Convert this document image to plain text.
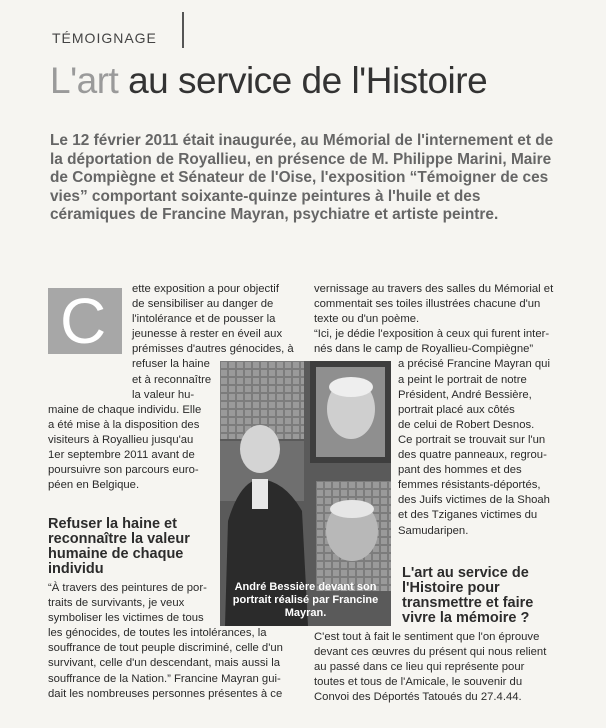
TÉMOIGNAGE
L'art au service de l'Histoire
Le 12 février 2011 était inaugurée, au Mémorial de l'internement et de la déportation de Royallieu, en présence de M. Philippe Marini, Maire de Compiègne et Sénateur de l'Oise, l'exposition “Témoigner de ces vies” comportant soixante-quinze peintures à l'huile et des céramiques de Francine Mayran, psychiatre et artiste peintre.
C ette exposition a pour objectif
de sensibiliser au danger de
l'intolérance et de pousser la
jeunesse à rester en éveil aux
prémisses d'autres génocides, à
refuser la haine
et à reconnaître
la valeur hu-
maine de chaque individu. Elle
a été mise à la disposition des
visiteurs à Royallieu jusqu'au
1er septembre 2011 avant de
poursuivre son parcours euro-
péen en Belgique.
Refuser la haine et reconnaître la valeur humaine de chaque individu
“À travers des peintures de por-
traits de survivants, je veux
symboliser les victimes de tous
les génocides, de toutes les intolérances, la
souffrance de tout peuple discriminé, celle d'un
survivant, celle d'un descendant, mais aussi la
souffrance de la Nation.” Francine Mayran gui-
dait les nombreuses personnes présentes à ce
vernissage au travers des salles du Mémorial et
commentait ses toiles illustrées chacune d'un
texte ou d'un poème.
“Ici, je dédie l'exposition à ceux qui furent inter-
nés dans le camp de Royallieu-Compiègne”
a précisé Francine Mayran qui
a peint le portrait de notre
Président, André Bessière,
portrait placé aux côtés
de celui de Robert Desnos.
Ce portrait se trouvait sur l'un
des quatre panneaux, regrou-
pant des hommes et des
femmes résistants-déportés,
des Juifs victimes de la Shoah
et des Tziganes victimes du
Samudaripen.
L'art au service de l'Histoire pour transmettre et faire vivre la mémoire ?
C'est tout à fait le sentiment que l'on éprouve
devant ces œuvres du présent qui nous relient
au passé dans ce lieu qui représente pour
toutes et tous de l'Amicale, le souvenir du
Convoi des Déportés Tatoués du 27.4.44.
André Bessière devant son portrait réalisé par Francine Mayran.
